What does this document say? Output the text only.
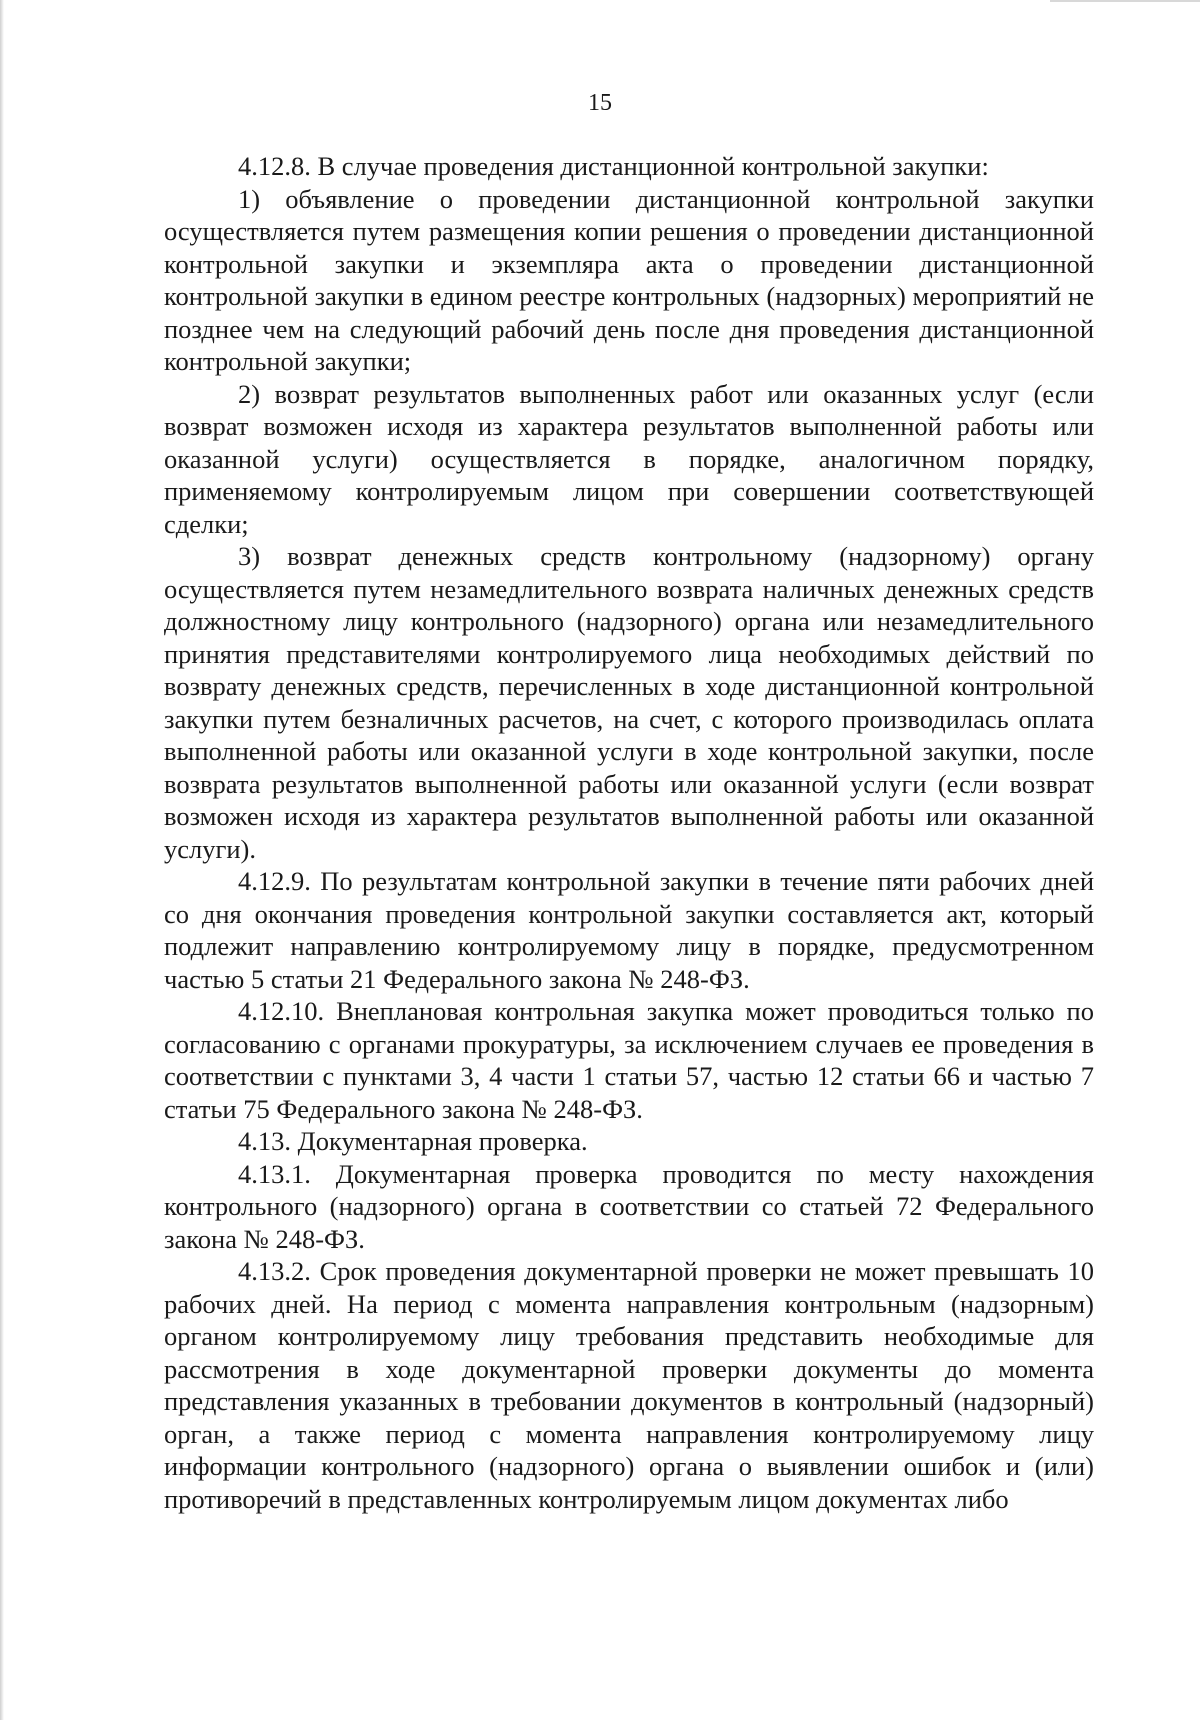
15

4.12.8. В случае проведения дистанционной контрольной закупки:

1) объявление о проведении дистанционной контрольной закупки осуществляется путем размещения копии решения о проведении дистанционной контрольной закупки и экземпляра акта о проведении дистанционной контрольной закупки в едином реестре контрольных (надзорных) мероприятий не позднее чем на следующий рабочий день после дня проведения дистанционной контрольной закупки;

2) возврат результатов выполненных работ или оказанных услуг (если возврат возможен исходя из характера результатов выполненной работы или оказанной услуги) осуществляется в порядке, аналогичном порядку, применяемому контролируемым лицом при совершении соответствующей сделки;

3) возврат денежных средств контрольному (надзорному) органу осуществляется путем незамедлительного возврата наличных денежных средств должностному лицу контрольного (надзорного) органа или незамедлительного принятия представителями контролируемого лица необходимых действий по возврату денежных средств, перечисленных в ходе дистанционной контрольной закупки путем безналичных расчетов, на счет, с которого производилась оплата выполненной работы или оказанной услуги в ходе контрольной закупки, после возврата результатов выполненной работы или оказанной услуги (если возврат возможен исходя из характера результатов выполненной работы или оказанной услуги).

4.12.9. По результатам контрольной закупки в течение пяти рабочих дней со дня окончания проведения контрольной закупки составляется акт, который подлежит направлению контролируемому лицу в порядке, предусмотренном частью 5 статьи 21 Федерального закона № 248-ФЗ.

4.12.10. Внеплановая контрольная закупка может проводиться только по согласованию с органами прокуратуры, за исключением случаев ее проведения в соответствии с пунктами 3, 4 части 1 статьи 57, частью 12 статьи 66 и частью 7 статьи 75 Федерального закона № 248-ФЗ.

4.13. Документарная проверка.

4.13.1. Документарная проверка проводится по месту нахождения контрольного (надзорного) органа в соответствии со статьей 72 Федерального закона № 248-ФЗ.

4.13.2. Срок проведения документарной проверки не может превышать 10 рабочих дней. На период с момента направления контрольным (надзорным) органом контролируемому лицу требования представить необходимые для рассмотрения в ходе документарной проверки документы до момента представления указанных в требовании документов в контрольный (надзорный) орган, а также период с момента направления контролируемому лицу информации контрольного (надзорного) органа о выявлении ошибок и (или) противоречий в представленных контролируемым лицом документах либо
